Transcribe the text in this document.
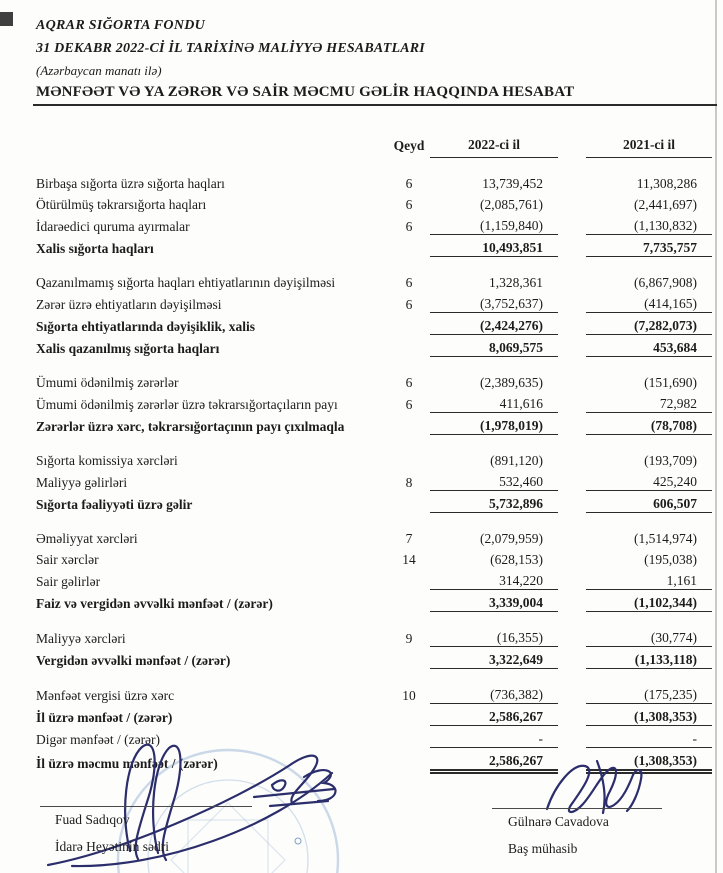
AQRAR SIĞORTA FONDU
31 DEKABR 2022-Cİ İL TARİXİNƏ MALİYYƏ HESABATLARI
(Azərbaycan manatı ilə)
MƏNFƏƏT VƏ YA ZƏRƏR VƏ SAİR MƏCMU GƏLİR HAQQINDA HESABAT
	Qeyd	2022-ci il		2021-ci il
Birbaşa sığorta üzrə sığorta haqları	6	13,739,452		11,308,286
Ötürülmüş təkrarsığorta haqları	6	(2,085,761)		(2,441,697)
İdarəedici quruma ayırmalar	6	(1,159,840)		(1,130,832)
Xalis sığorta haqları		10,493,851		7,735,757
Qazanılmamış sığorta haqları ehtiyatlarının dəyişilməsi	6	1,328,361		(6,867,908)
Zərər üzrə ehtiyatların dəyişilməsi	6	(3,752,637)		(414,165)
Sığorta ehtiyatlarında dəyişiklik, xalis		(2,424,276)		(7,282,073)
Xalis qazanılmış sığorta haqları		8,069,575		453,684
Ümumi ödənilmiş zərərlər	6	(2,389,635)		(151,690)
Ümumi ödənilmiş zərərlər üzrə təkrarsığortaçıların payı	6	411,616		72,982
Zərərlər üzrə xərc, təkrarsığortaçının payı çıxılmaqla		(1,978,019)		(78,708)
Sığorta komissiya xərcləri		(891,120)		(193,709)
Maliyyə gəlirləri	8	532,460		425,240
Sığorta fəaliyyəti üzrə gəlir		5,732,896		606,507
Əməliyyat xərcləri	7	(2,079,959)		(1,514,974)
Sair xərclər	14	(628,153)		(195,038)
Sair gəlirlər		314,220		1,161
Faiz və vergidən əvvəlki mənfəət / (zərər)		3,339,004		(1,102,344)
Maliyyə xərcləri	9	(16,355)		(30,774)
Vergidən əvvəlki mənfəət / (zərər)		3,322,649		(1,133,118)
Mənfəət vergisi üzrə xərc	10	(736,382)		(175,235)
İl üzrə mənfəət / (zərər)		2,586,267		(1,308,353)
Digər mənfəət / (zərər)		-		-
İl üzrə məcmu mənfəət / (zərər)		2,586,267		(1,308,353)
Fuad Sadıqov
İdarə Heyətinin sədri
Gülnarə Cavadova
Baş mühasib
